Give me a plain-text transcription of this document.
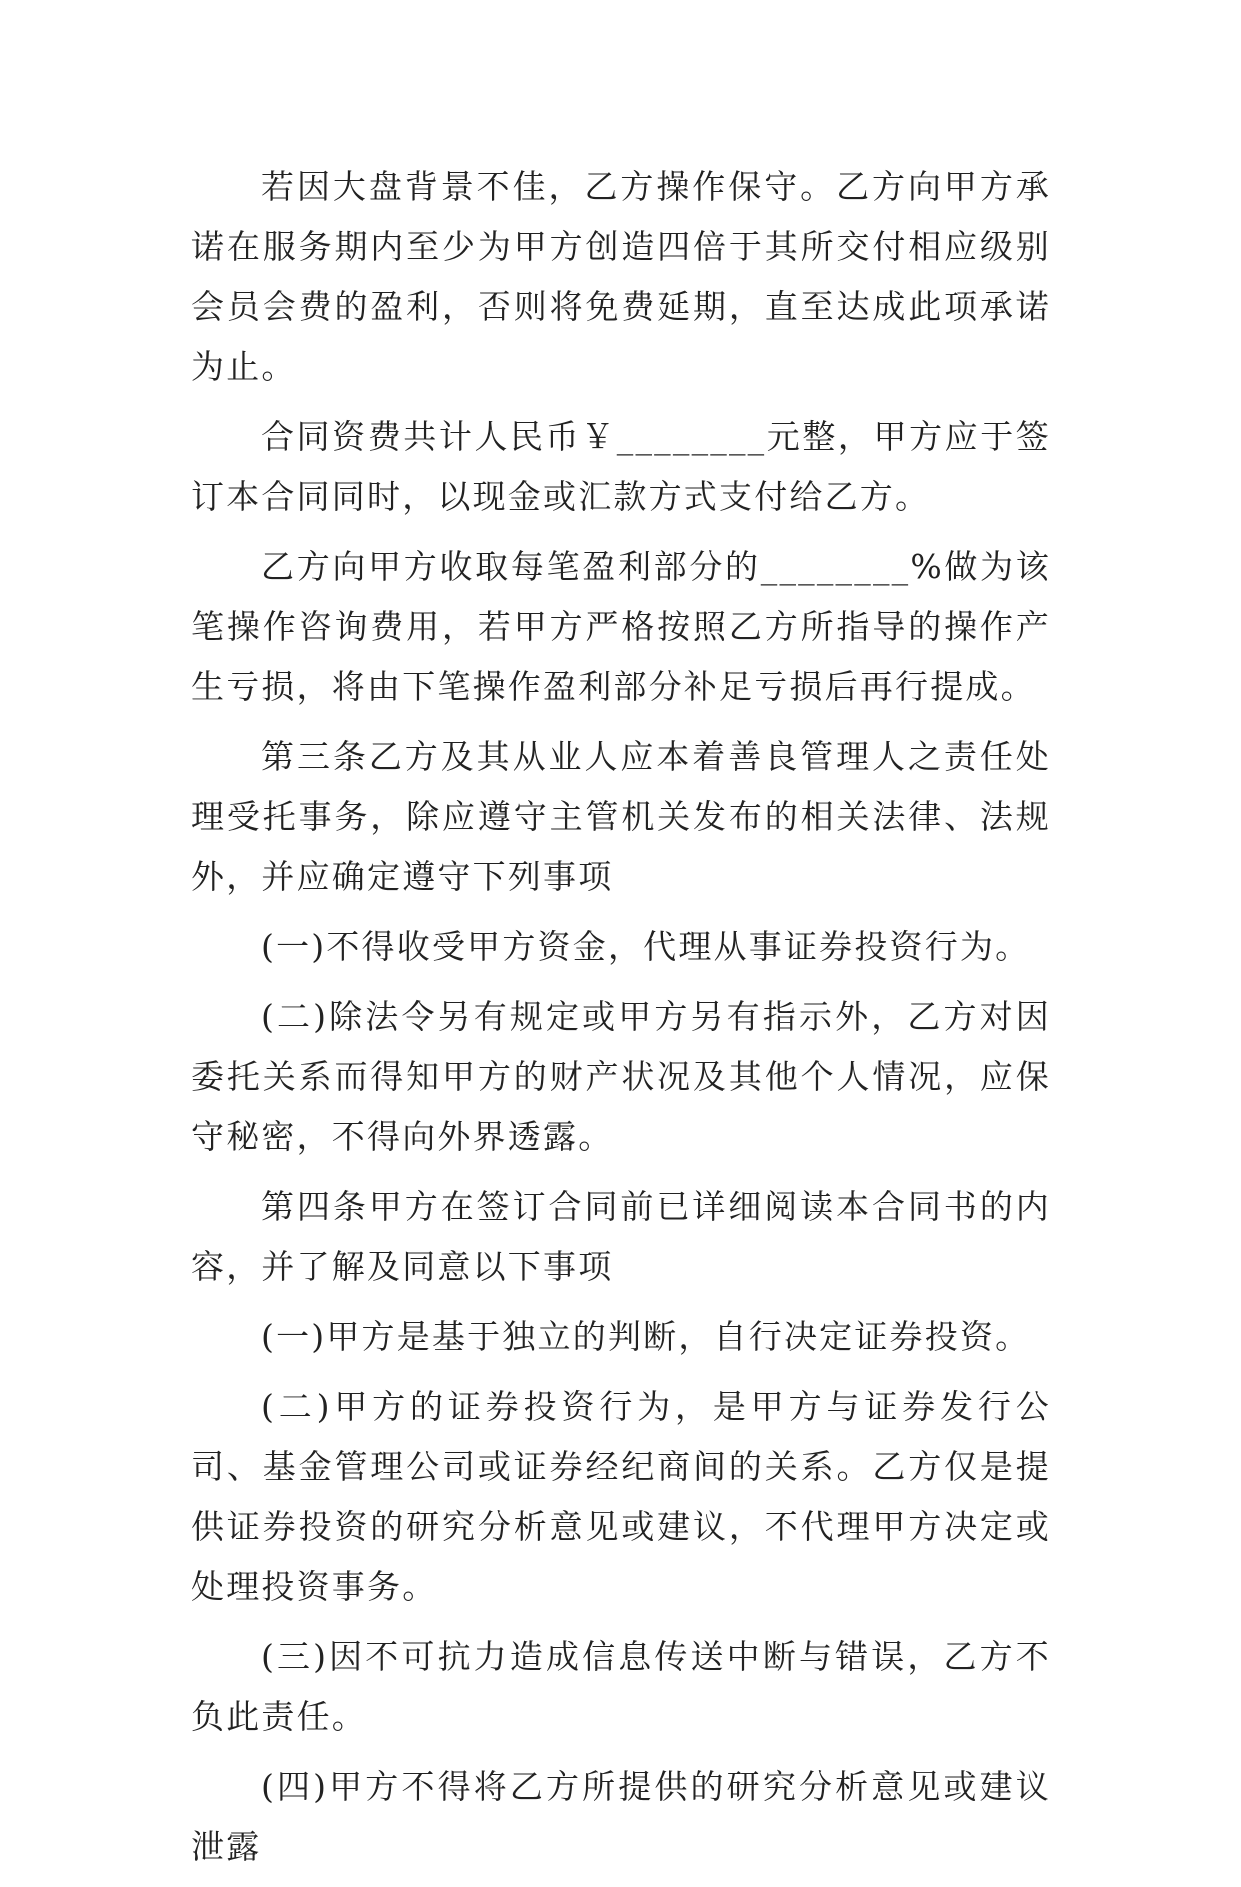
若因大盘背景不佳，乙方操作保守。乙方向甲方承诺在服务期内至少为甲方创造四倍于其所交付相应级别会员会费的盈利，否则将免费延期，直至达成此项承诺为止。

合同资费共计人民币￥________元整，甲方应于签订本合同同时，以现金或汇款方式支付给乙方。

乙方向甲方收取每笔盈利部分的________%做为该笔操作咨询费用，若甲方严格按照乙方所指导的操作产生亏损，将由下笔操作盈利部分补足亏损后再行提成。

第三条乙方及其从业人应本着善良管理人之责任处理受托事务，除应遵守主管机关发布的相关法律、法规外，并应确定遵守下列事项

(一)不得收受甲方资金，代理从事证券投资行为。

(二)除法令另有规定或甲方另有指示外，乙方对因委托关系而得知甲方的财产状况及其他个人情况，应保守秘密，不得向外界透露。

第四条甲方在签订合同前已详细阅读本合同书的内容，并了解及同意以下事项

(一)甲方是基于独立的判断，自行决定证券投资。

(二)甲方的证券投资行为，是甲方与证券发行公司、基金管理公司或证券经纪商间的关系。乙方仅是提供证券投资的研究分析意见或建议，不代理甲方决定或处理投资事务。

(三)因不可抗力造成信息传送中断与错误，乙方不负此责任。

(四)甲方不得将乙方所提供的研究分析意见或建议泄露
